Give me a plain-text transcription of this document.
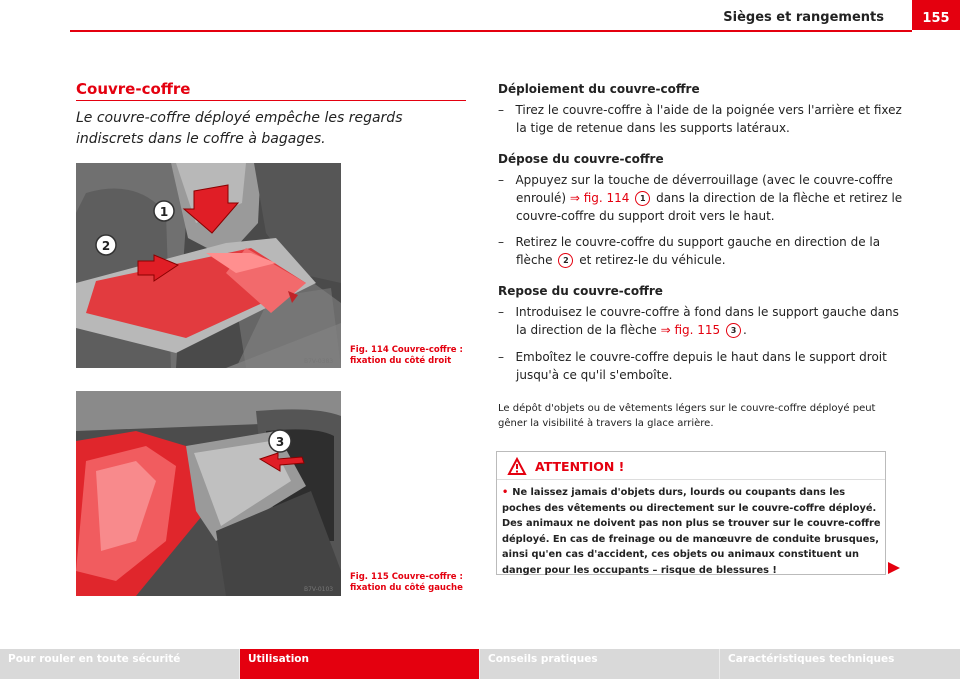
Sièges et rangements	155
Couvre-coffre
Le couvre-coffre déployé empêche les regards indiscrets dans le coffre à bagages.
1
2
B7V-0383
Fig. 114 Couvre-coffre : fixation du côté droit
3
B7V-0103
Fig. 115 Couvre-coffre : fixation du côté gauche
Déploiement du couvre-coffre
– Tirez le couvre-coffre à l'aide de la poignée vers l'arrière et fixez la tige de retenue dans les supports latéraux.
Dépose du couvre-coffre
– Appuyez sur la touche de déverrouillage (avec le couvre-coffre enroulé) ⇒ fig. 114 1 dans la direction de la flèche et retirez le couvre-coffre du support droit vers le haut.
– Retirez le couvre-coffre du support gauche en direction de la flèche 2 et retirez-le du véhicule.
Repose du couvre-coffre
– Introduisez le couvre-coffre à fond dans le support gauche dans la direction de la flèche ⇒ fig. 115 3 .
– Emboîtez le couvre-coffre depuis le haut dans le support droit jusqu'à ce qu'il s'emboîte.
Le dépôt d'objets ou de vêtements légers sur le couvre-coffre déployé peut gêner la visibilité à travers la glace arrière.
ATTENTION !
• Ne laissez jamais d'objets durs, lourds ou coupants dans les poches des vêtements ou directement sur le couvre-coffre déployé. Des animaux ne doivent pas non plus se trouver sur le couvre-coffre déployé. En cas de freinage ou de manœuvre de conduite brusques, ainsi qu'en cas d'accident, ces objets ou animaux constituent un danger pour les occupants – risque de blessures !
Pour rouler en toute sécurité	Utilisation	Conseils pratiques	Caractéristiques techniques
